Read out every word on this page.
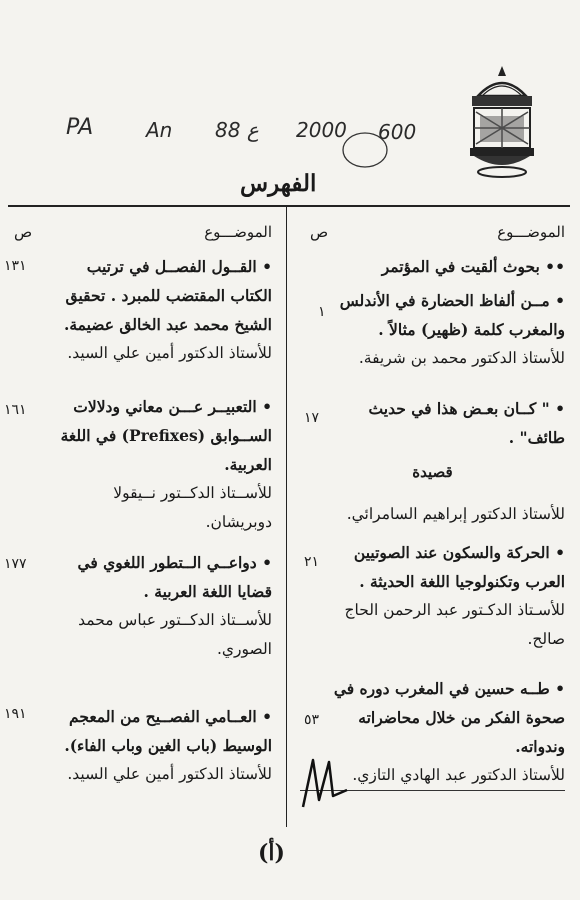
PA	An 88 ع 2000 600
الفهرس
الموضـــوع
ص

•• بحوث ألقيت في المؤتمر

• مــن ألفاظ الحضارة في الأندلس

والمغرب كلمة (ظهير) مثالاً .

للأستاذ الدكتور محمد بن شريفة.

١

• " كــان بعـض هذا في حديث

طائف" .

١٧
قصيدة

للأستاذ الدكتور إبراهيم السامرائي.

• الحركة والسكون عند الصوتيين

العرب وتكنولوجيا اللغة الحديثة .

للأسـتاذ الدكـتور عبد الرحمن الحاج

صالح.

٢١

• طــه حسين في المغرب دوره في

صحوة الفكر من خلال محاضراته

وندواته.

للأستاذ الدكتور عبد الهادي التازي.

٥٣
الموضـــوع
ص

• القــول الفصــل في ترتيب

الكتاب المقتضب للمبرد . تحقيق

الشيخ محمد عبد الخالق عضيمة.

للأستاذ الدكتور أمين علي السيد.

١٣١

• التعبيــر عـــن معاني ودلالات

الســوابق (Prefixes) في اللغة

العربية.

للأســتاذ الدكــتور نــيقولا

دوبريشان.

١٦١

• دواعــي الــتطور اللغوي في

قضايا اللغة العربية .

للأســتاذ الدكــتور عباس محمد

الصوري.

١٧٧

• العــامي الفصــيح من المعجم

الوسيط (باب الغين وباب الفاء).

للأستاذ الدكتور أمين علي السيد.

١٩١
(أ)
